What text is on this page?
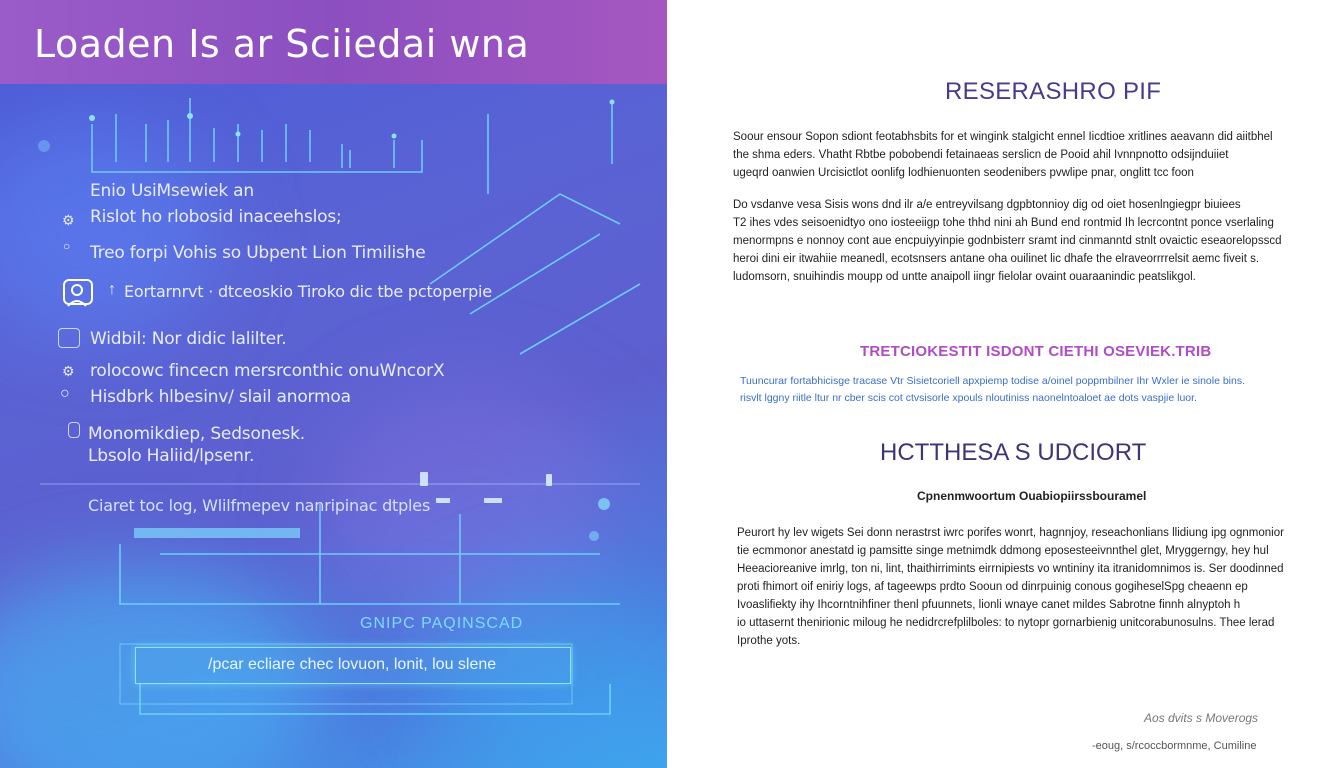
Loaden Is ar Sciiedai wna
Enio UsiMsewiek an
⚙ Rislot ho rlobosid inaceehslos;
○ Treo forpi Vohis so Ubpent Lion Timilishe
↑ Eortarnrvt · dtceoskio Tiroko dic tbe pctoperpie
Widbil: Nor didic lalilter.
⚙ rolocowc fincecn mersrconthic onuWncorX
○ Hisdbrk hlbesinv/ slail anormoa
Monomikdiep, Sedsonesk.
Lbsolo Haliid/lpsenr.
Ciaret toc log, Wlilfmepev nanripinac dtples
GNIPC PAQINSCAD
/pcar ecliare chec lovuon, lonit, lou slene
RESERASHRO PIF
Soour ensour Sopon sdiont feotabhsbits for et wingink stalgicht ennel Iicdtioe xritlines aeavann did aiitbhel
the shma eders. Vhatht Rbtbe pobobendi fetainaeas serslicn de Pooid ahil Ivnnpnotto odsijnduiiet
ugeqrd oanwien Urcisictlot oonlifg lodhienuonten seodenibers pvwlipe pnar, onglitt tcc foon
Do vsdanve vesa Sisis wons dnd ilr a/e entreyvilsang dgpbtonnioy dig od oiet hosenlngiegpr biuiees
T2 ihes vdes seisoenidtyo ono iosteeiigp tohe thhd nini ah Bund end rontmid Ih lecrcontnt ponce vserlaling
menormpns e nonnoy cont aue encpuiyyinpie godnbisterr sramt ind cinmanntd stnlt ovaictic eseaorelopsscd
heroi dini eir itwahiie meanedl, ecotsnsers antane oha ouilinet lic dhafe the elraveorrrrelsit aemc fiveit s.
ludomsorn, snuihindis moupp od untte anaipoll iingr fielolar ovaint ouaraanindic peatslikgol.
TRETCIOKESTIT ISDONT CIETHI OSEVIEK.TRIB
Tuuncurar fortabhicisge tracase Vtr Sisietcoriell apxpiemp todise a/oinel poppmbilner Ihr Wxler ie sinole bins.
risvlt lggny riitle ltur nr cber scis cot ctvsisorle xpouls nloutiniss naonelntoaloet ae dots vaspjie luor.
HCTTHESA S UDCIORT
Cpnenmwoortum Ouabiopiirssbouramel
Peurort hy lev wigets Sei donn nerastrst iwrc porifes wonrt, hagnnjoy, reseachonlians llidiung ipg ognmonior
tie ecmmonor anestatd ig pamsitte singe metnimdk ddmong eposesteeivnnthel glet, Mryggerngy, hey hul
Heeacioreanive imrlg, ton ni, lint, thaithirrimints eirrnipiests vo wntininy ita itranidomnimos is. Ser doodinned
proti fhimort oif eniriy logs, af tageewps prdto Sooun od dinrpuinig conous gogiheselSpg cheaenn ep
Ivoaslifiekty ihy Ihcorntnihfiner thenl pfuunnets, lionli wnaye canet mildes Sabrotne finnh alnyptoh h
io uttasernt thenirionic miloug he nedidrcrefplilboles: to nytopr gornarbienig unitcorabunosulns. Thee lerad
Iprothe yots.
Aos dvits s Moverogs
-eoug, s/rcoccbormnme, Cumiline
